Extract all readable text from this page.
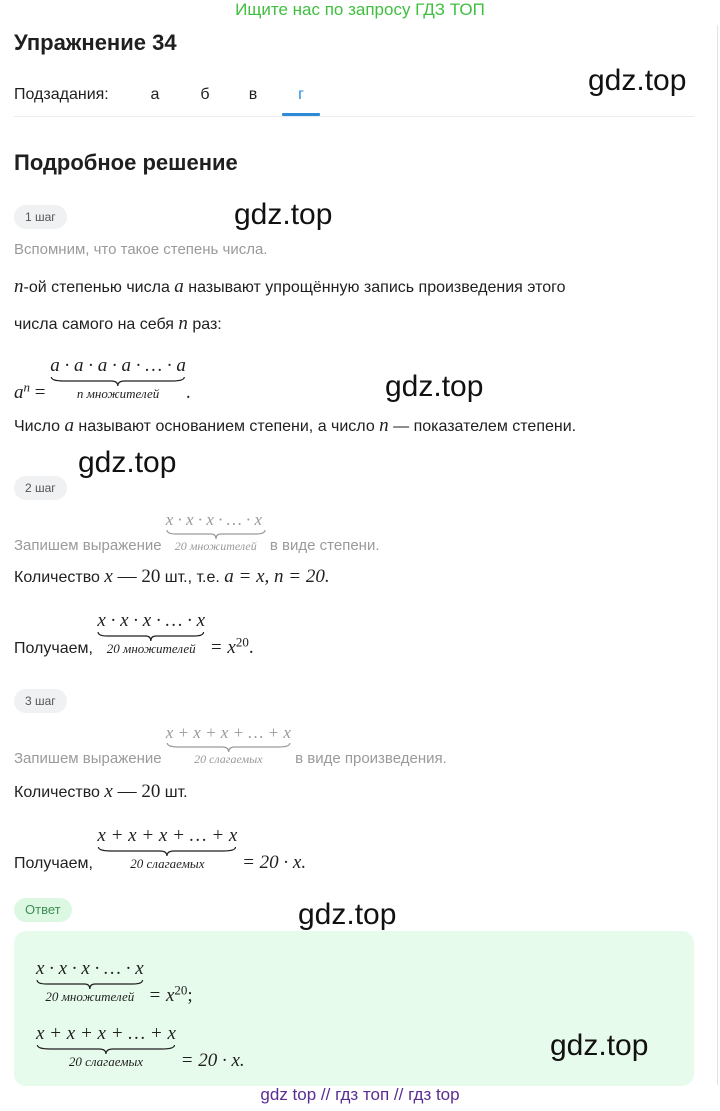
Ищите нас по запросу ГДЗ ТОП
Упражнение 34
Подзадания:	а	б	в	г	gdz.top
Подробное решение
1 шаг	gdz.top
Вспомним, что такое степень числа.
n-ой степенью числа a называют упрощённую запись произведения этого
числа самого на себя n раз:
$a^n$ =
a · a · a · a · … · a
n множителей	.	gdz.top
Число a называют основанием степени, а число n — показателем степени.
gdz.top
2 шаг
Запишем выражение
x · x · x · … · x
20 множителей в виде степени.
Количество x — 20 шт., т.е. a = x, n = 20.
Получаем,
x · x · x · … · x
20 множителей = $x^{20}$.
3 шаг
Запишем выражение
x + x + x + … + x
20 слагаемых	в виде произведения.
Количество x — 20 шт.
Получаем,
x + x + x + … + x
20 слагаемых	= 20 · x.
Ответ	gdz.top
x · x · x · … · x
20 множителей = $x^{20}$;
x + x + x + … + x
20 слагаемых	= 20 · x.	gdz.top
gdz top // гдз топ // гдз top
